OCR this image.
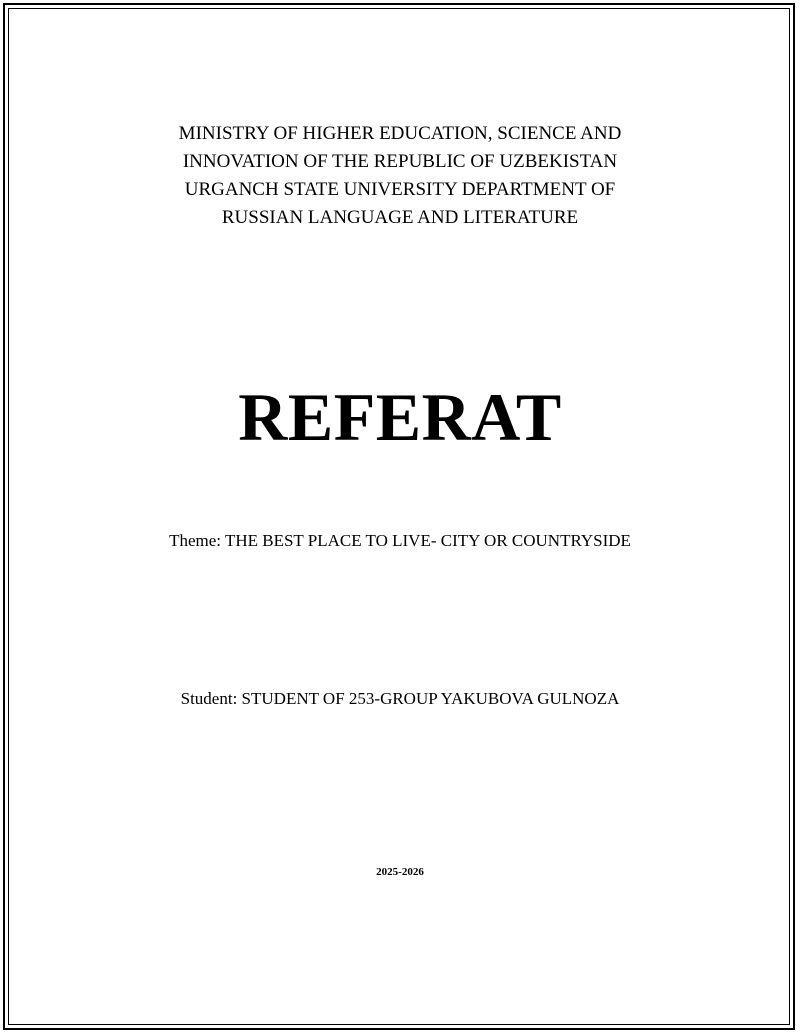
MINISTRY OF HIGHER EDUCATION, SCIENCE AND
INNOVATION OF THE REPUBLIC OF UZBEKISTAN
URGANCH STATE UNIVERSITY DEPARTMENT OF
RUSSIAN LANGUAGE AND LITERATURE
REFERAT
Theme: THE BEST PLACE TO LIVE- CITY OR COUNTRYSIDE
Student: STUDENT OF 253-GROUP YAKUBOVA GULNOZA
2025-2026
